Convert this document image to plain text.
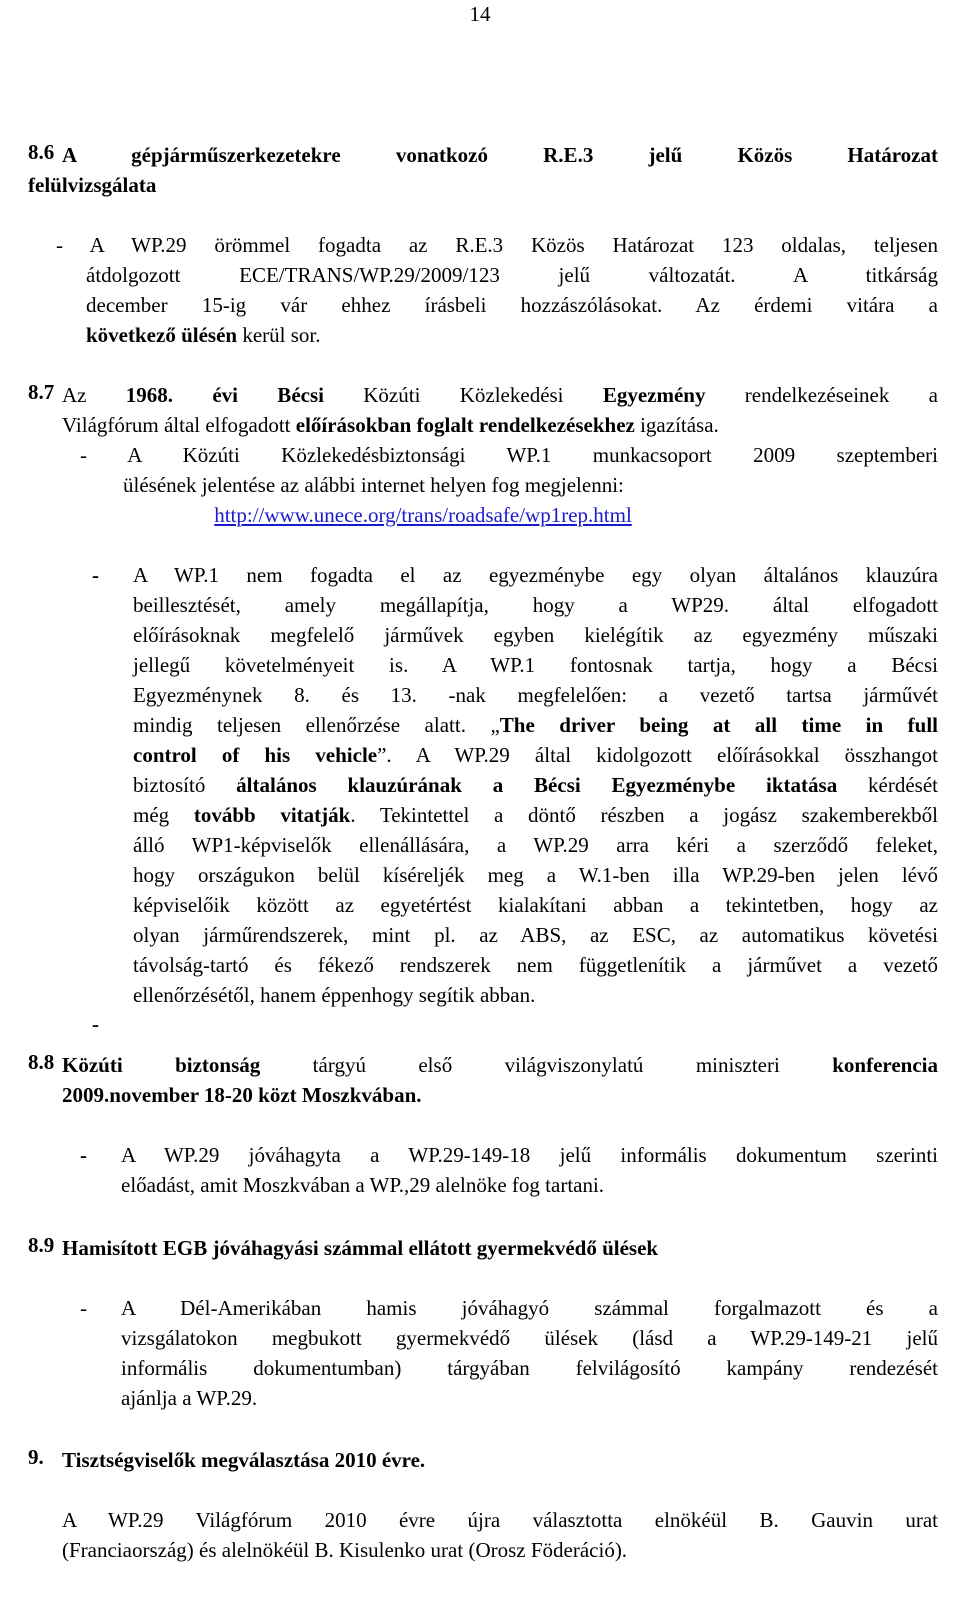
14
8.6 A gépjárműszerkezetekre vonatkozó R.E.3 jelű Közös Határozat
felülvizsgálata
- A WP.29 örömmel fogadta az R.E.3 Közös Határozat 123 oldalas, teljesen
átdolgozott ECE/TRANS/WP.29/2009/123 jelű változatát. A titkárság
december 15-ig vár ehhez írásbeli hozzászólásokat. Az érdemi vitára a
következő ülésén kerül sor.
8.7 Az 1968. évi Bécsi Közúti Közlekedési Egyezmény rendelkezéseinek a
Világfórum által elfogadott előírásokban foglalt rendelkezésekhez igazítása.
- A Közúti Közlekedésbiztonsági WP.1 munkacsoport 2009 szeptemberi
ülésének jelentése az alábbi internet helyen fog megjelenni:
http://www.unece.org/trans/roadsafe/wp1rep.html
- A WP.1 nem fogadta el az egyezménybe egy olyan általános klauzúra
beillesztését, amely megállapítja, hogy a WP29. által elfogadott
előírásoknak megfelelő járművek egyben kielégítik az egyezmény műszaki
jellegű követelményeit is. A WP.1 fontosnak tartja, hogy a Bécsi
Egyezménynek 8. és 13. -nak megfelelően: a vezető tartsa járművét
mindig teljesen ellenőrzése alatt. „The driver being at all time in full
control of his vehicle”. A WP.29 által kidolgozott előírásokkal összhangot
biztosító általános klauzúrának a Bécsi Egyezménybe iktatása kérdését
még tovább vitatják. Tekintettel a döntő részben a jogász szakemberekből
álló WP1-képviselők ellenállására, a WP.29 arra kéri a szerződő feleket,
hogy országukon belül kíséreljék meg a W.1-ben illa WP.29-ben jelen lévő
képviselőik között az egyetértést kialakítani abban a tekintetben, hogy az
olyan járműrendszerek, mint pl. az ABS, az ESC, az automatikus követési
távolság-tartó és fékező rendszerek nem függetlenítik a járművet a vezető
ellenőrzésétől, hanem éppenhogy segítik abban.
-
8.8 Közúti biztonság tárgyú első világviszonylatú miniszteri konferencia
2009.november 18-20 közt Moszkvában.
- A WP.29 jóváhagyta a WP.29-149-18 jelű informális dokumentum szerinti
előadást, amit Moszkvában a WP.,29 alelnöke fog tartani.
8.9 Hamisított EGB jóváhagyási számmal ellátott gyermekvédő ülések
- A Dél-Amerikában hamis jóváhagyó számmal forgalmazott és a
vizsgálatokon megbukott gyermekvédő ülések (lásd a WP.29-149-21 jelű
informális dokumentumban) tárgyában felvilágosító kampány rendezését
ajánlja a WP.29.
9. Tisztségviselők megválasztása 2010 évre.
A WP.29 Világfórum 2010 évre újra választotta elnökéül B. Gauvin urat
(Franciaország) és alelnökéül B. Kisulenko urat (Orosz Föderáció).
